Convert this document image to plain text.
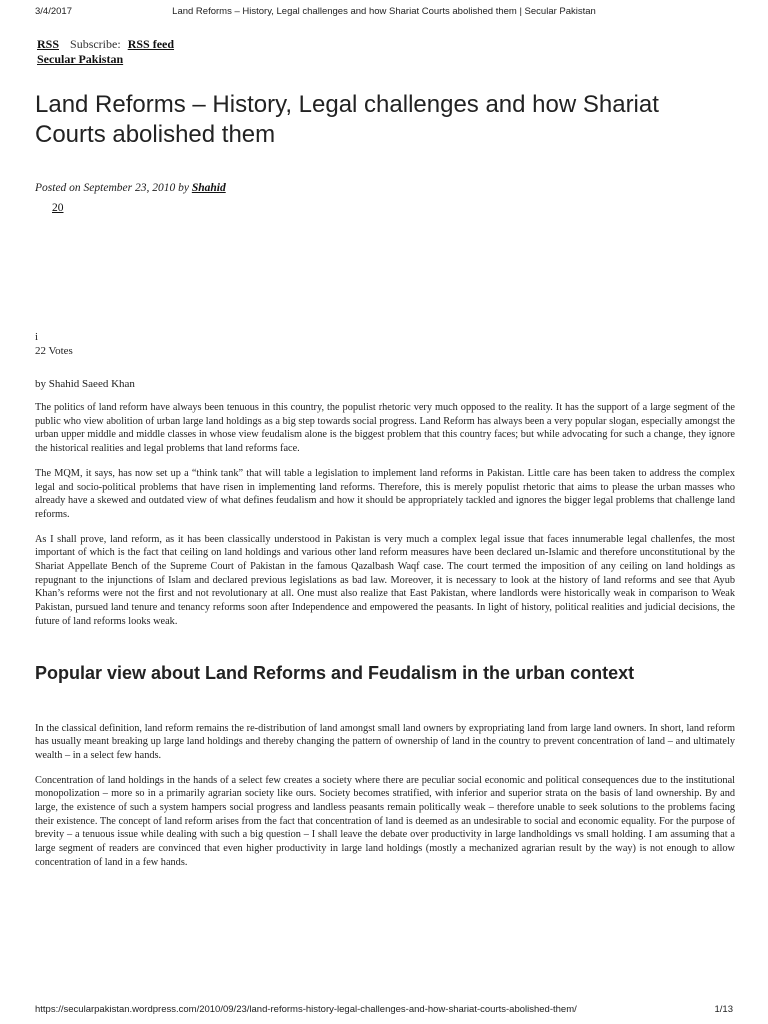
3/4/2017	Land Reforms – History, Legal challenges and how Shariat Courts abolished them | Secular Pakistan
RSS Subscribe: RSS feed
Secular Pakistan
Land Reforms – History, Legal challenges and how Shariat Courts abolished them
Posted on September 23, 2010 by Shahid
20
i
22 Votes
by Shahid Saeed Khan

The politics of land reform have always been tenuous in this country, the populist rhetoric very much opposed to the reality. It has the support of a large segment of the public who view abolition of urban large land holdings as a big step towards social progress. Land Reform has always been a very popular slogan, especially amongst the urban upper middle and middle classes in whose view feudalism alone is the biggest problem that this country faces; but while advocating for such a change, they ignore the historical realities and legal problems that land reforms face.

The MQM, it says, has now set up a “think tank” that will table a legislation to implement land reforms in Pakistan. Little care has been taken to address the complex legal and socio-political problems that have risen in implementing land reforms. Therefore, this is merely populist rhetoric that aims to please the urban masses who already have a skewed and outdated view of what defines feudalism and how it should be appropriately tackled and ignores the bigger legal problems that challenge land reforms.

As I shall prove, land reform, as it has been classically understood in Pakistan is very much a complex legal issue that faces innumerable legal challenfes, the most important of which is the fact that ceiling on land holdings and various other land reform measures have been declared un-Islamic and therefore unconstitutional by the Shariat Appellate Bench of the Supreme Court of Pakistan in the famous Qazalbash Waqf case. The court termed the imposition of any ceiling on land holdings as repugnant to the injunctions of Islam and declared previous legislations as bad law. Moreover, it is necessary to look at the history of land reforms and see that Ayub Khan’s reforms were not the first and not revolutionary at all. One must also realize that East Pakistan, where landlords were historically weak in comparison to Weak Pakistan, pursued land tenure and tenancy reforms soon after Independence and empowered the peasants. In light of history, political realities and judicial decisions, the future of land reforms looks weak.

Popular view about Land Reforms and Feudalism in the urban context

In the classical definition, land reform remains the re-distribution of land amongst small land owners by expropriating land from large land owners. In short, land reform has usually meant breaking up large land holdings and thereby changing the pattern of ownership of land in the country to prevent concentration of land – and ultimately wealth – in a select few hands.

Concentration of land holdings in the hands of a select few creates a society where there are peculiar social economic and political consequences due to the institutional monopolization – more so in a primarily agrarian society like ours. Society becomes stratified, with inferior and superior strata on the basis of land ownership. By and large, the existence of such a system hampers social progress and landless peasants remain politically weak – therefore unable to seek solutions to the problems facing their existence. The concept of land reform arises from the fact that concentration of land is deemed as an undesirable to social and economic equality. For the purpose of brevity – a tenuous issue while dealing with such a big question – I shall leave the debate over productivity in large landholdings vs small holding. I am assuming that a large segment of readers are convinced that even higher productivity in large land holdings (mostly a mechanized agrarian result by the way) is not enough to allow concentration of land in a few hands.

https://secularpakistan.wordpress.com/2010/09/23/land-reforms-history-legal-challenges-and-how-shariat-courts-abolished-them/	1/13
